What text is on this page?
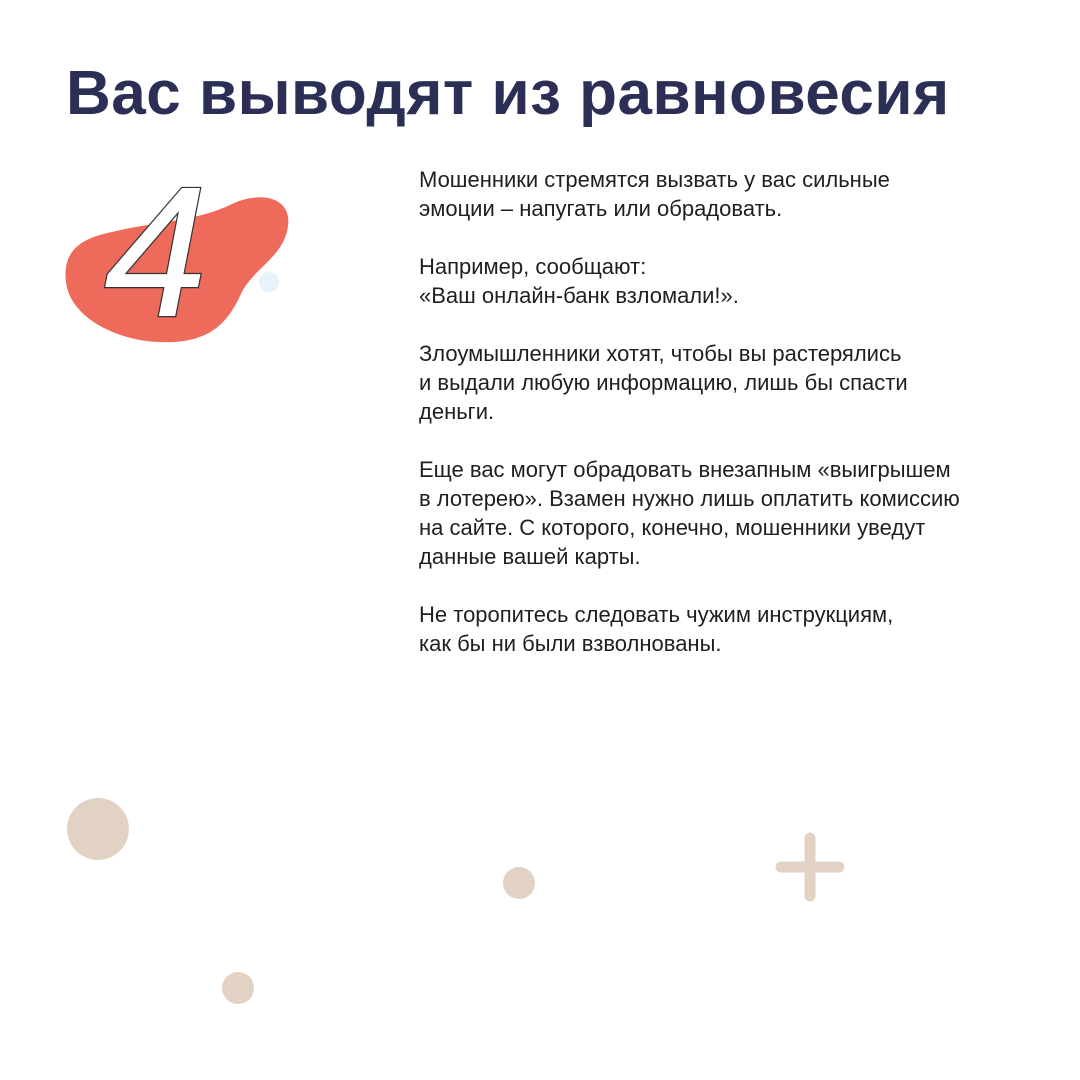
4
Вас выводят из равновесия

Мошенники стремятся вызвать у вас сильные
эмоции – напугать или обрадовать.

Например, сообщают:
«Ваш онлайн-банк взломали!».

Злоумышленники хотят, чтобы вы растерялись
и выдали любую информацию, лишь бы спасти
деньги.

Еще вас могут обрадовать внезапным «выигрышем
в лотерею». Взамен нужно лишь оплатить комиссию
на сайте. С которого, конечно, мошенники уведут
данные вашей карты.

Не торопитесь следовать чужим инструкциям,
как бы ни были взволнованы.
